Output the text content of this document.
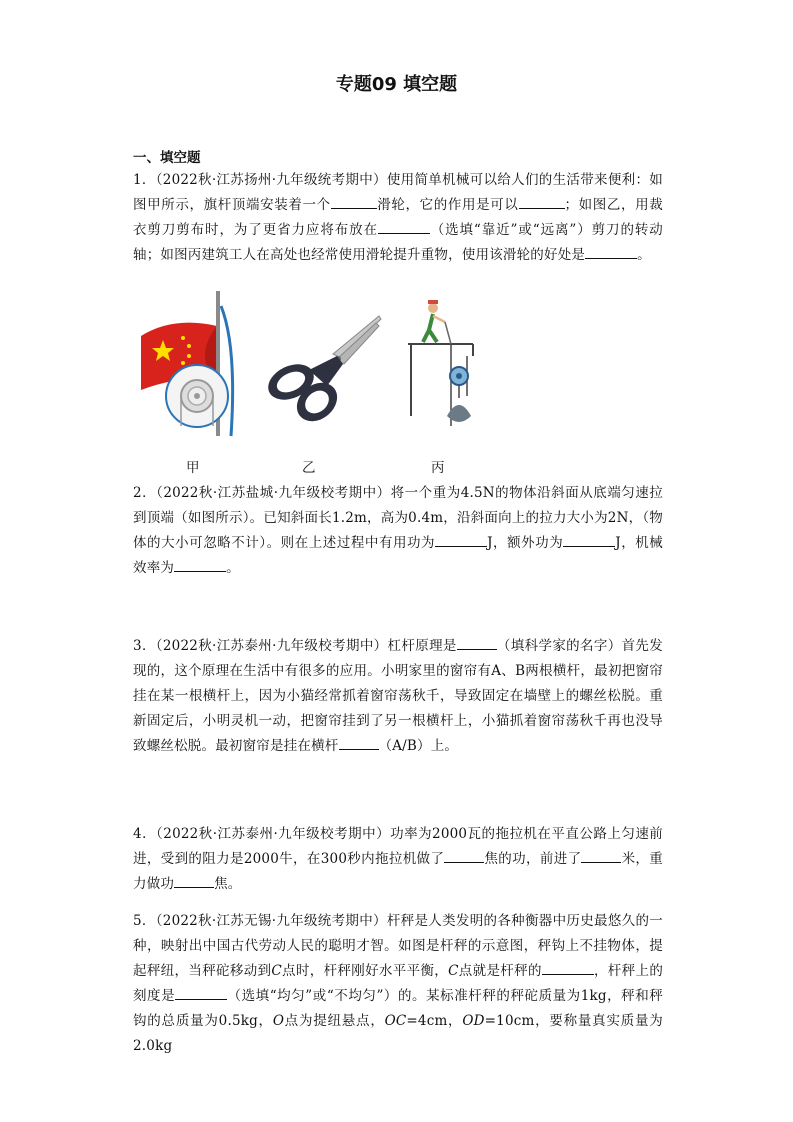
专题09 填空题
一、填空题
1．（2022秋·江苏扬州·九年级统考期中）使用简单机械可以给人们的生活带来便利：如图甲所示，旗杆顶端安装着一个	滑轮，它的作用是可以	；如图乙，用裁衣剪刀剪布时，为了更省力应将布放在	（选填“靠近”或“远离”）剪刀的转动轴；如图丙建筑工人在高处也经常使用滑轮提升重物，使用该滑轮的好处是	。
甲	乙	丙
2．（2022秋·江苏盐城·九年级校考期中）将一个重为4.5N的物体沿斜面从底端匀速拉到顶端（如图所示）。已知斜面长1.2m，高为0.4m，沿斜面向上的拉力大小为2N，（物体的大小可忽略不计）。则在上述过程中有用功为	J，额外功为	J，机械效率为	。
3．（2022秋·江苏泰州·九年级校考期中）杠杆原理是	（填科学家的名字）首先发现的，这个原理在生活中有很多的应用。小明家里的窗帘有A、B两根横杆，最初把窗帘挂在某一根横杆上，因为小猫经常抓着窗帘荡秋千，导致固定在墙壁上的螺丝松脱。重新固定后，小明灵机一动，把窗帘挂到了另一根横杆上，小猫抓着窗帘荡秋千再也没导致螺丝松脱。最初窗帘是挂在横杆	（A/B）上。
4．（2022秋·江苏泰州·九年级校考期中）功率为2000瓦的拖拉机在平直公路上匀速前进，受到的阻力是2000牛，在300秒内拖拉机做了	焦的功，前进了	米，重力做功	焦。
5．（2022秋·江苏无锡·九年级统考期中）杆秤是人类发明的各种衡器中历史最悠久的一种，映射出中国古代劳动人民的聪明才智。如图是杆秤的示意图，秤钩上不挂物体，提起秤纽，当秤砣移动到C点时，杆秤刚好水平平衡，C点就是杆秤的	，杆秤上的刻度是	（选填“均匀”或“不均匀”）的。某标准杆秤的秤砣质量为1kg，秤和秤钩的总质量为0.5kg，O点为提纽悬点，OC=4cm，OD=10cm，要称量真实质量为2.0kg
